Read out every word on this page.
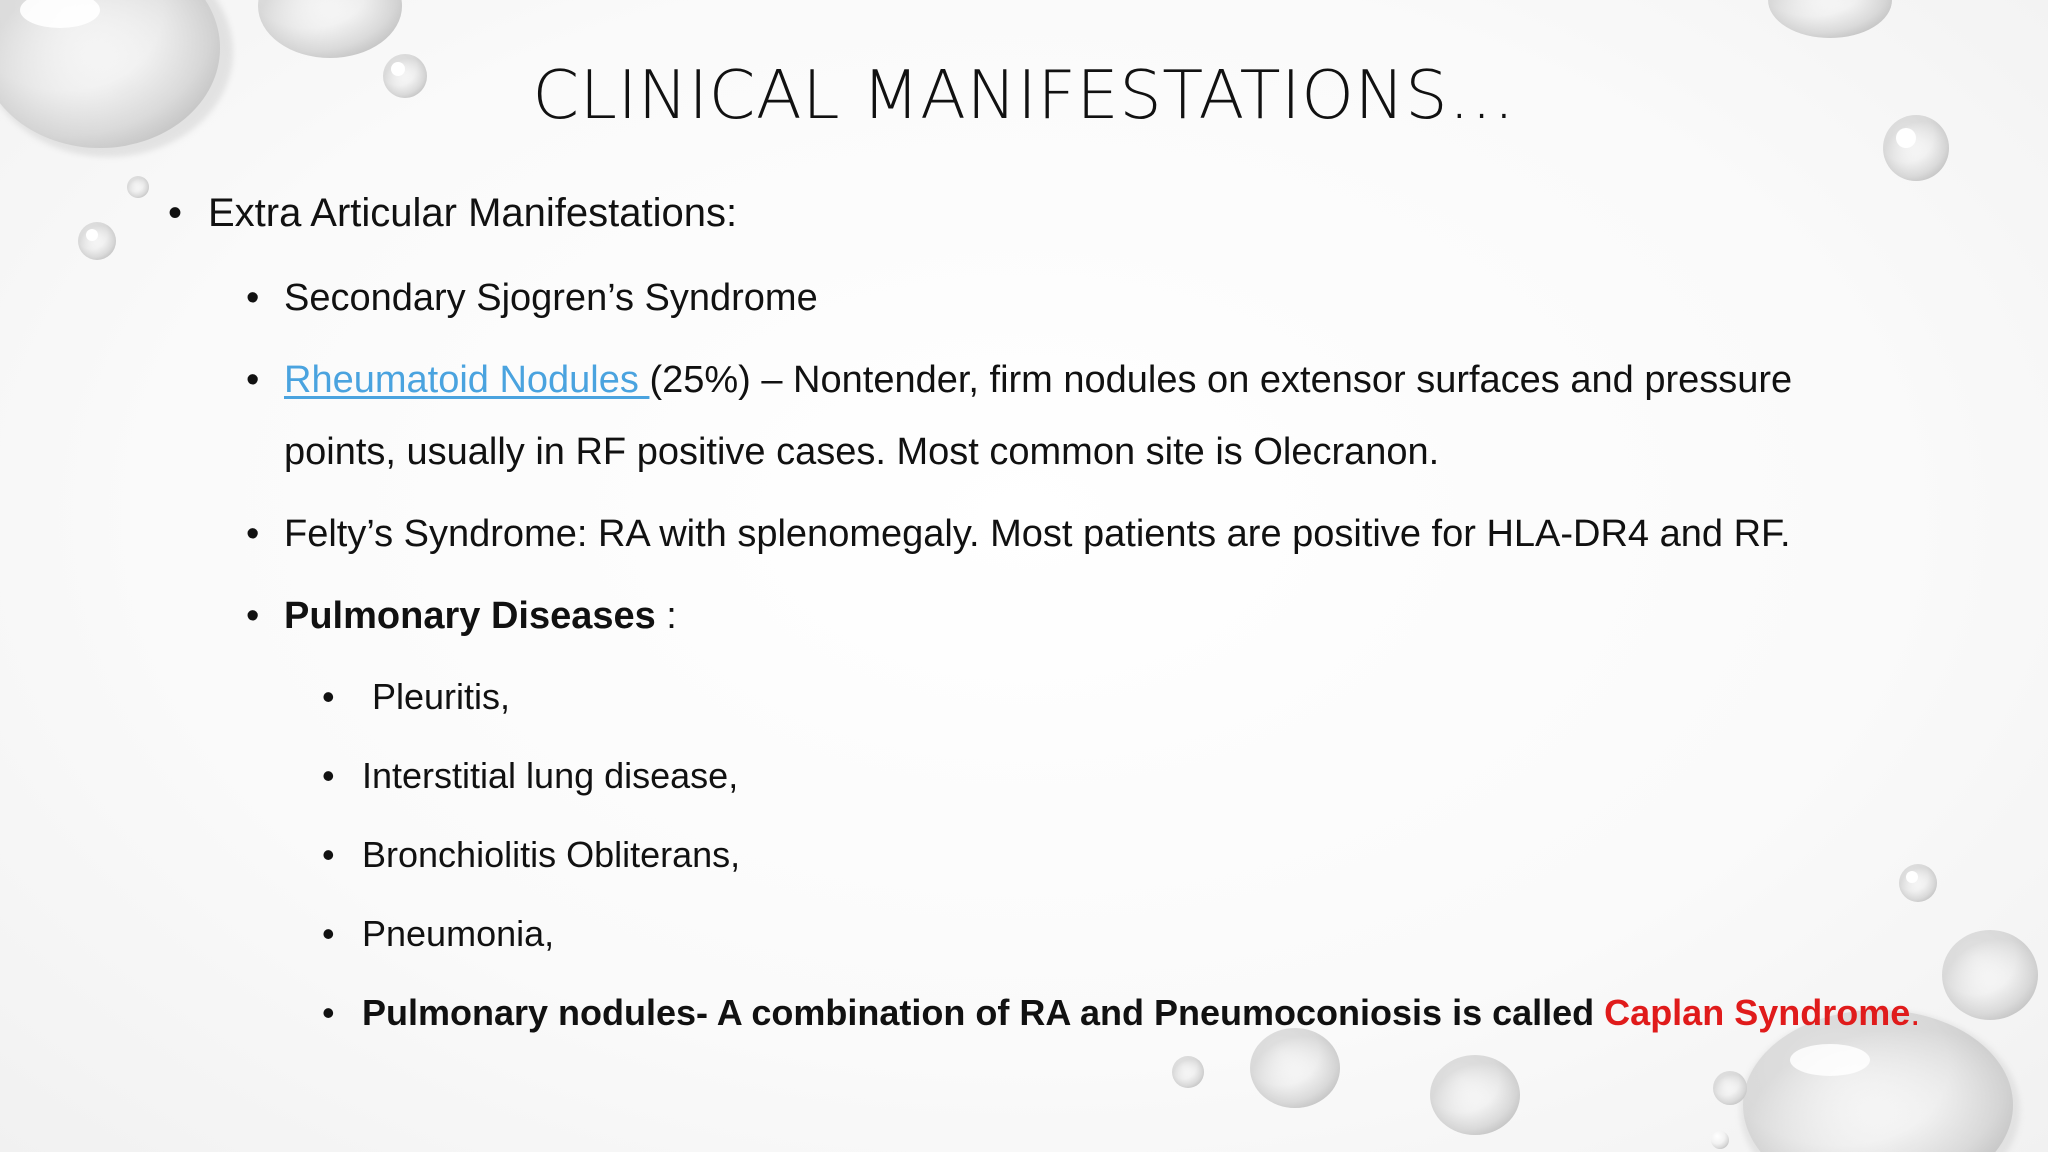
CLINICAL MANIFESTATIONS…
• Extra Articular Manifestations:
• Secondary Sjogren’s Syndrome
• Rheumatoid Nodules (25%) – Nontender, firm nodules on extensor surfaces and pressure
points, usually in RF positive cases. Most common site is Olecranon.
• Felty’s Syndrome: RA with splenomegaly. Most patients are positive for HLA-DR4 and RF.
• Pulmonary Diseases :
• Pleuritis,
• Interstitial lung disease,
• Bronchiolitis Obliterans,
• Pneumonia,
• Pulmonary nodules- A combination of RA and Pneumoconiosis is called Caplan Syndrome.
